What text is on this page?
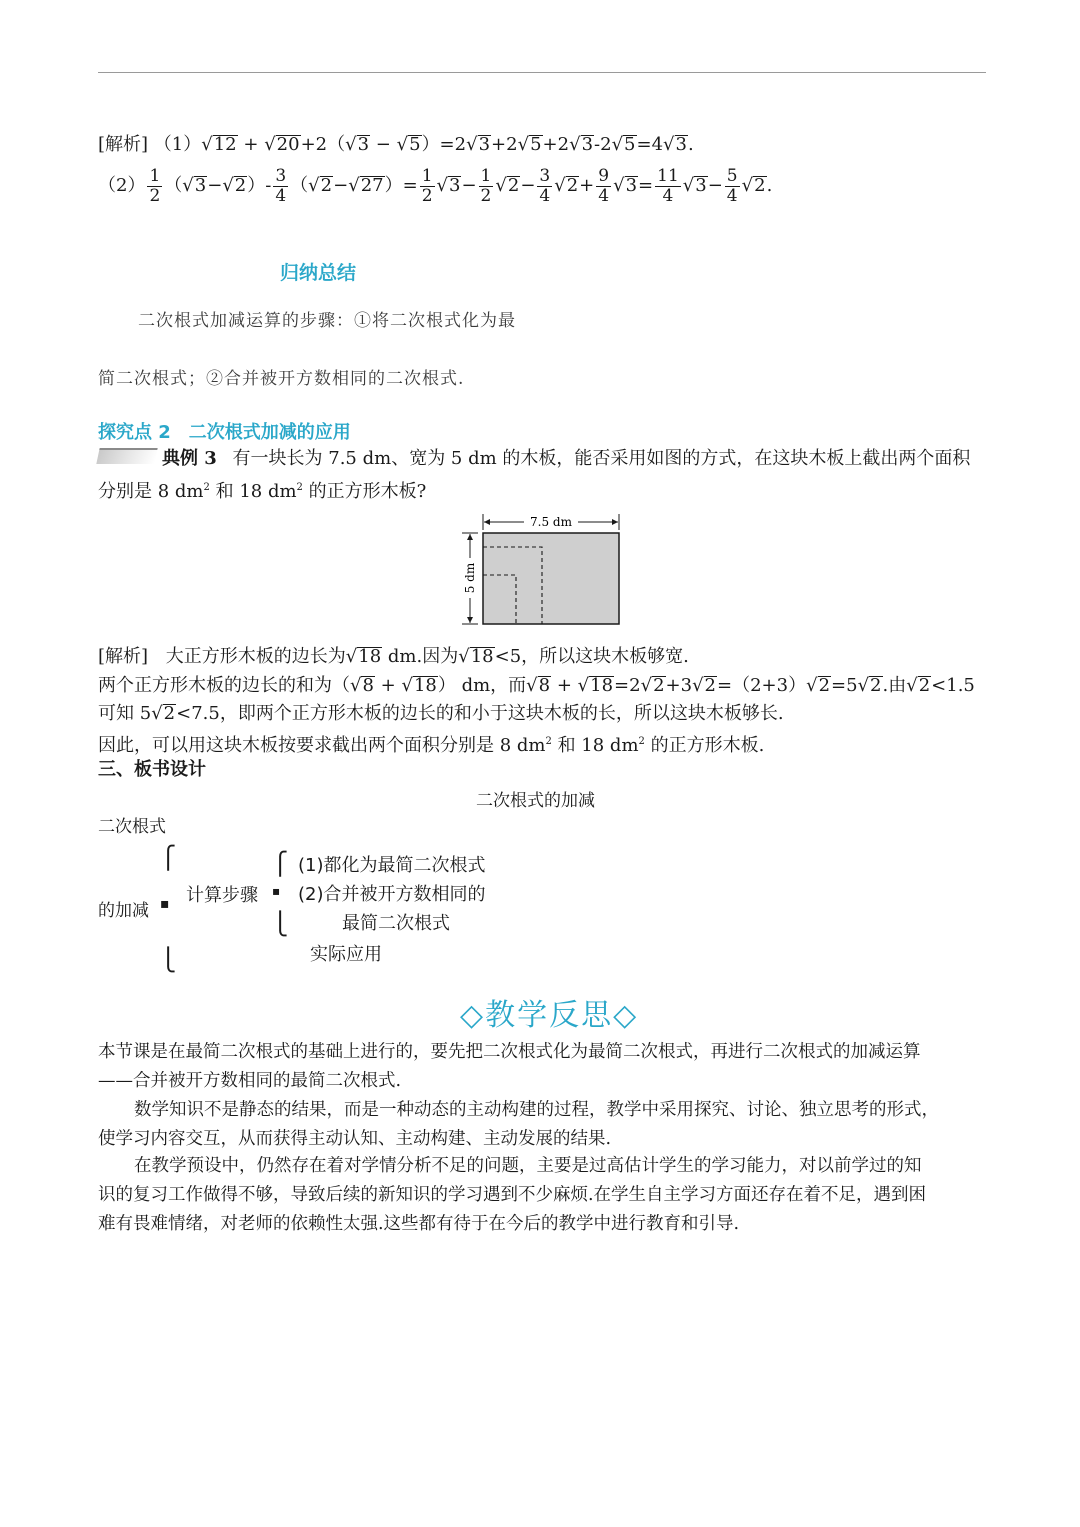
[解析] （1）√12 + √20+2（√3 − √5）=2√3+2√5+2√3-2√5=4√3.
$(2) \frac{1}{2} (√3-√2)- \frac{3}{4} (√2-√27)= \frac{1}{2} √3- \frac{1}{2} √2- \frac{3}{4} √2+ \frac{9}{4} √3= \frac{11}{4} √3- \frac{5}{4} √2$.
归纳总结
二次根式加减运算的步骤：①将二次根式化为最
简二次根式；②合并被开方数相同的二次根式.
探究点 2　二次根式加减的应用
典例 3 有一块长为 7.5 dm、宽为 5 dm 的木板，能否采用如图的方式，在这块木板上截出两个面积
分别是 8 $dm^2$ 和 18 $dm^2$ 的正方形木板?
7.5 dm
5 dm
[解析] 大正方形木板的边长为√18 dm.因为√18<5，所以这块木板够宽.
两个正方形木板的边长的和为（√8 + √18） dm，而√8 + √18=2√2+3√2=（2+3）√2=5√2.由√2<1.5
可知 5√2<7.5，即两个正方形木板的边长的和小于这块木板的长，所以这块木板够长.
因此，可以用这块木板按要求截出两个面积分别是 8 $dm^2$ 和 18 $dm^2$ 的正方形木板.
三、板书设计
二次根式的加减
二次根式
的加减
⎧
▪
⎩
计算步骤
⎧
▪
⎩
(1)都化为最简二次根式
(2)合并被开方数相同的
最简二次根式
实际应用
◇教学反思◇
本节课是在最简二次根式的基础上进行的，要先把二次根式化为最简二次根式，再进行二次根式的加减运算
——合并被开方数相同的最简二次根式.
数学知识不是静态的结果，而是一种动态的主动构建的过程，教学中采用探究、讨论、独立思考的形式，
使学习内容交互，从而获得主动认知、主动构建、主动发展的结果.
在教学预设中，仍然存在着对学情分析不足的问题，主要是过高估计学生的学习能力，对以前学过的知
识的复习工作做得不够，导致后续的新知识的学习遇到不少麻烦.在学生自主学习方面还存在着不足，遇到困
难有畏难情绪，对老师的依赖性太强.这些都有待于在今后的教学中进行教育和引导.
